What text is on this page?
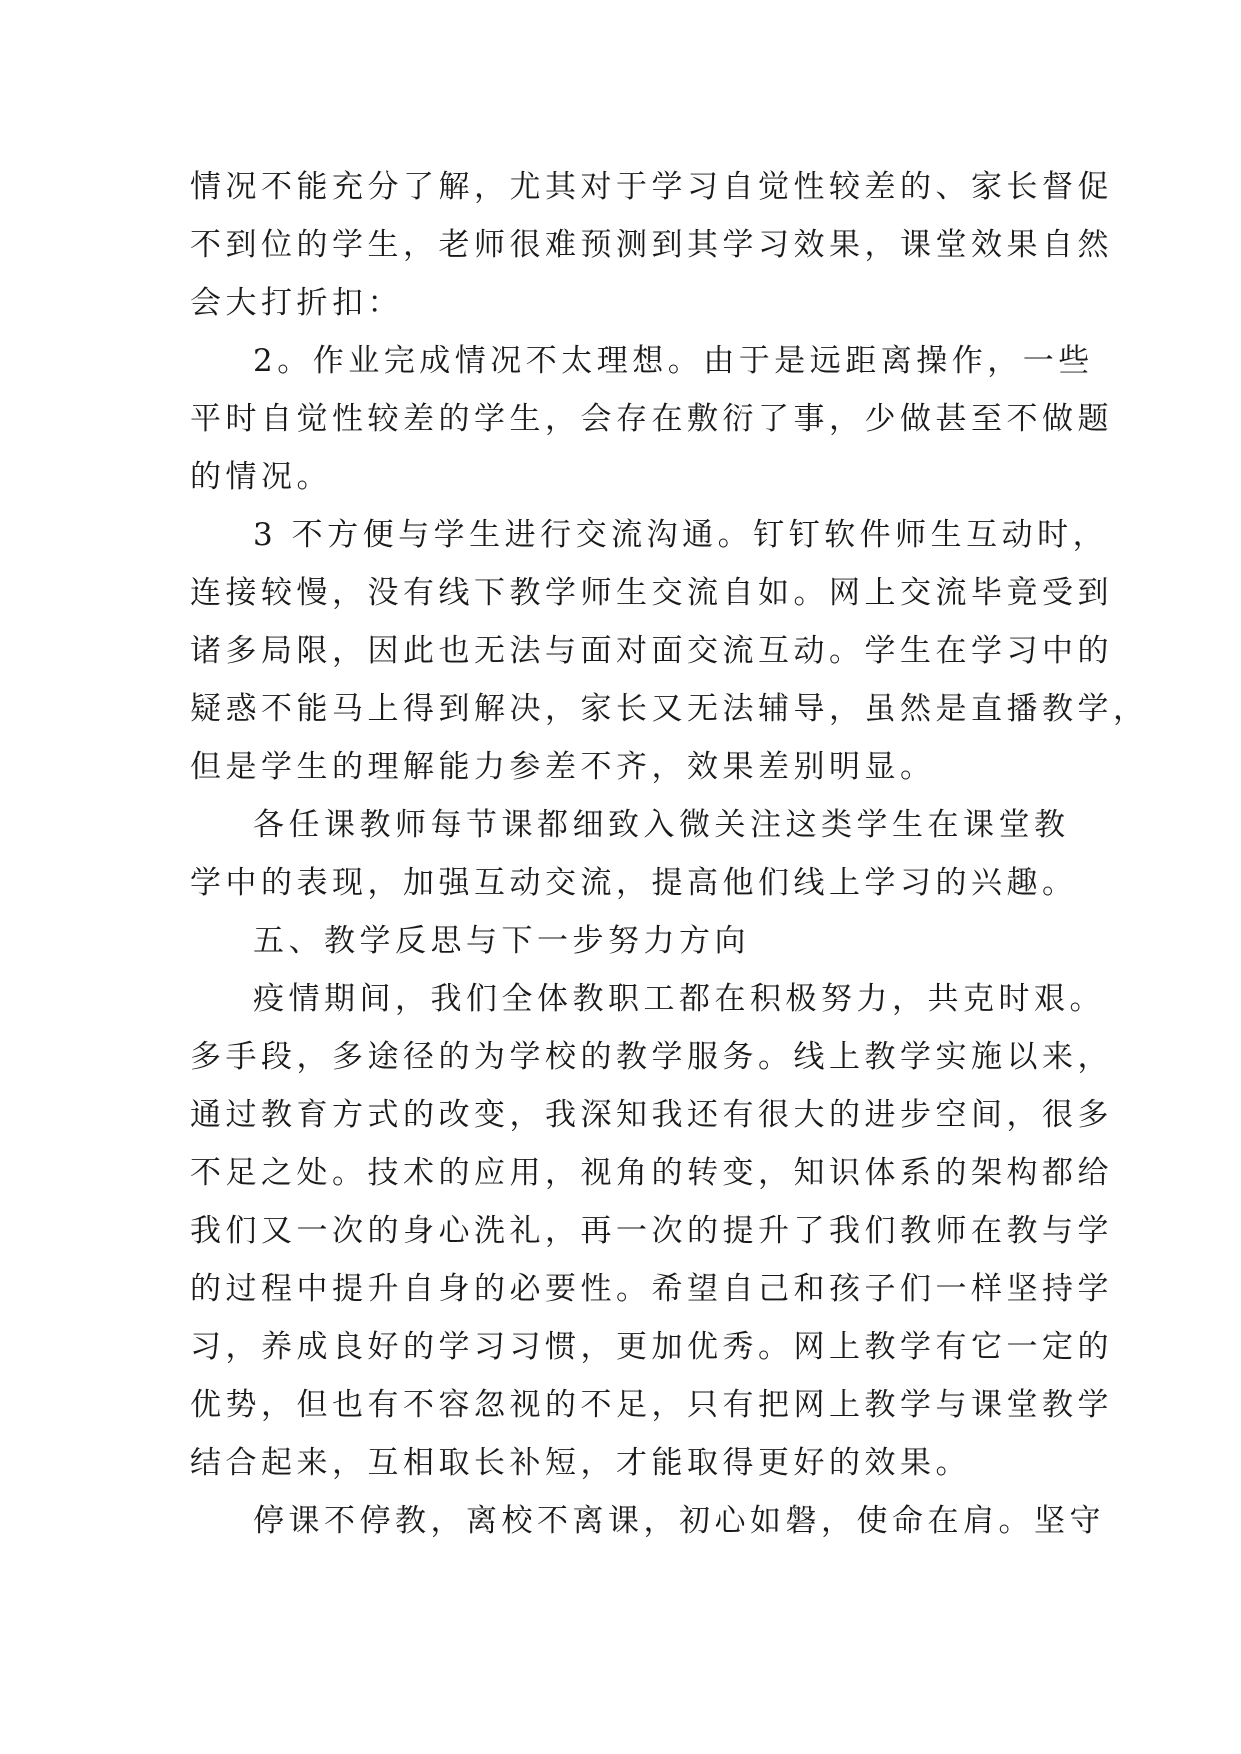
情况不能充分了解，尤其对于学习自觉性较差的、家长督促
不到位的学生，老师很难预测到其学习效果，课堂效果自然
会大打折扣：
2。作业完成情况不太理想。由于是远距离操作，一些
平时自觉性较差的学生，会存在敷衍了事，少做甚至不做题
的情况。
3 不方便与学生进行交流沟通。钉钉软件师生互动时，
连接较慢，没有线下教学师生交流自如。网上交流毕竟受到
诸多局限，因此也无法与面对面交流互动。学生在学习中的
疑惑不能马上得到解决，家长又无法辅导，虽然是直播教学，
但是学生的理解能力参差不齐，效果差别明显。
各任课教师每节课都细致入微关注这类学生在课堂教
学中的表现，加强互动交流，提高他们线上学习的兴趣。
五、教学反思与下一步努力方向
疫情期间，我们全体教职工都在积极努力，共克时艰。
多手段，多途径的为学校的教学服务。线上教学实施以来，
通过教育方式的改变，我深知我还有很大的进步空间，很多
不足之处。技术的应用，视角的转变，知识体系的架构都给
我们又一次的身心洗礼，再一次的提升了我们教师在教与学
的过程中提升自身的必要性。希望自己和孩子们一样坚持学
习，养成良好的学习习惯，更加优秀。网上教学有它一定的
优势，但也有不容忽视的不足，只有把网上教学与课堂教学
结合起来，互相取长补短，才能取得更好的效果。
停课不停教，离校不离课，初心如磐，使命在肩。坚守
